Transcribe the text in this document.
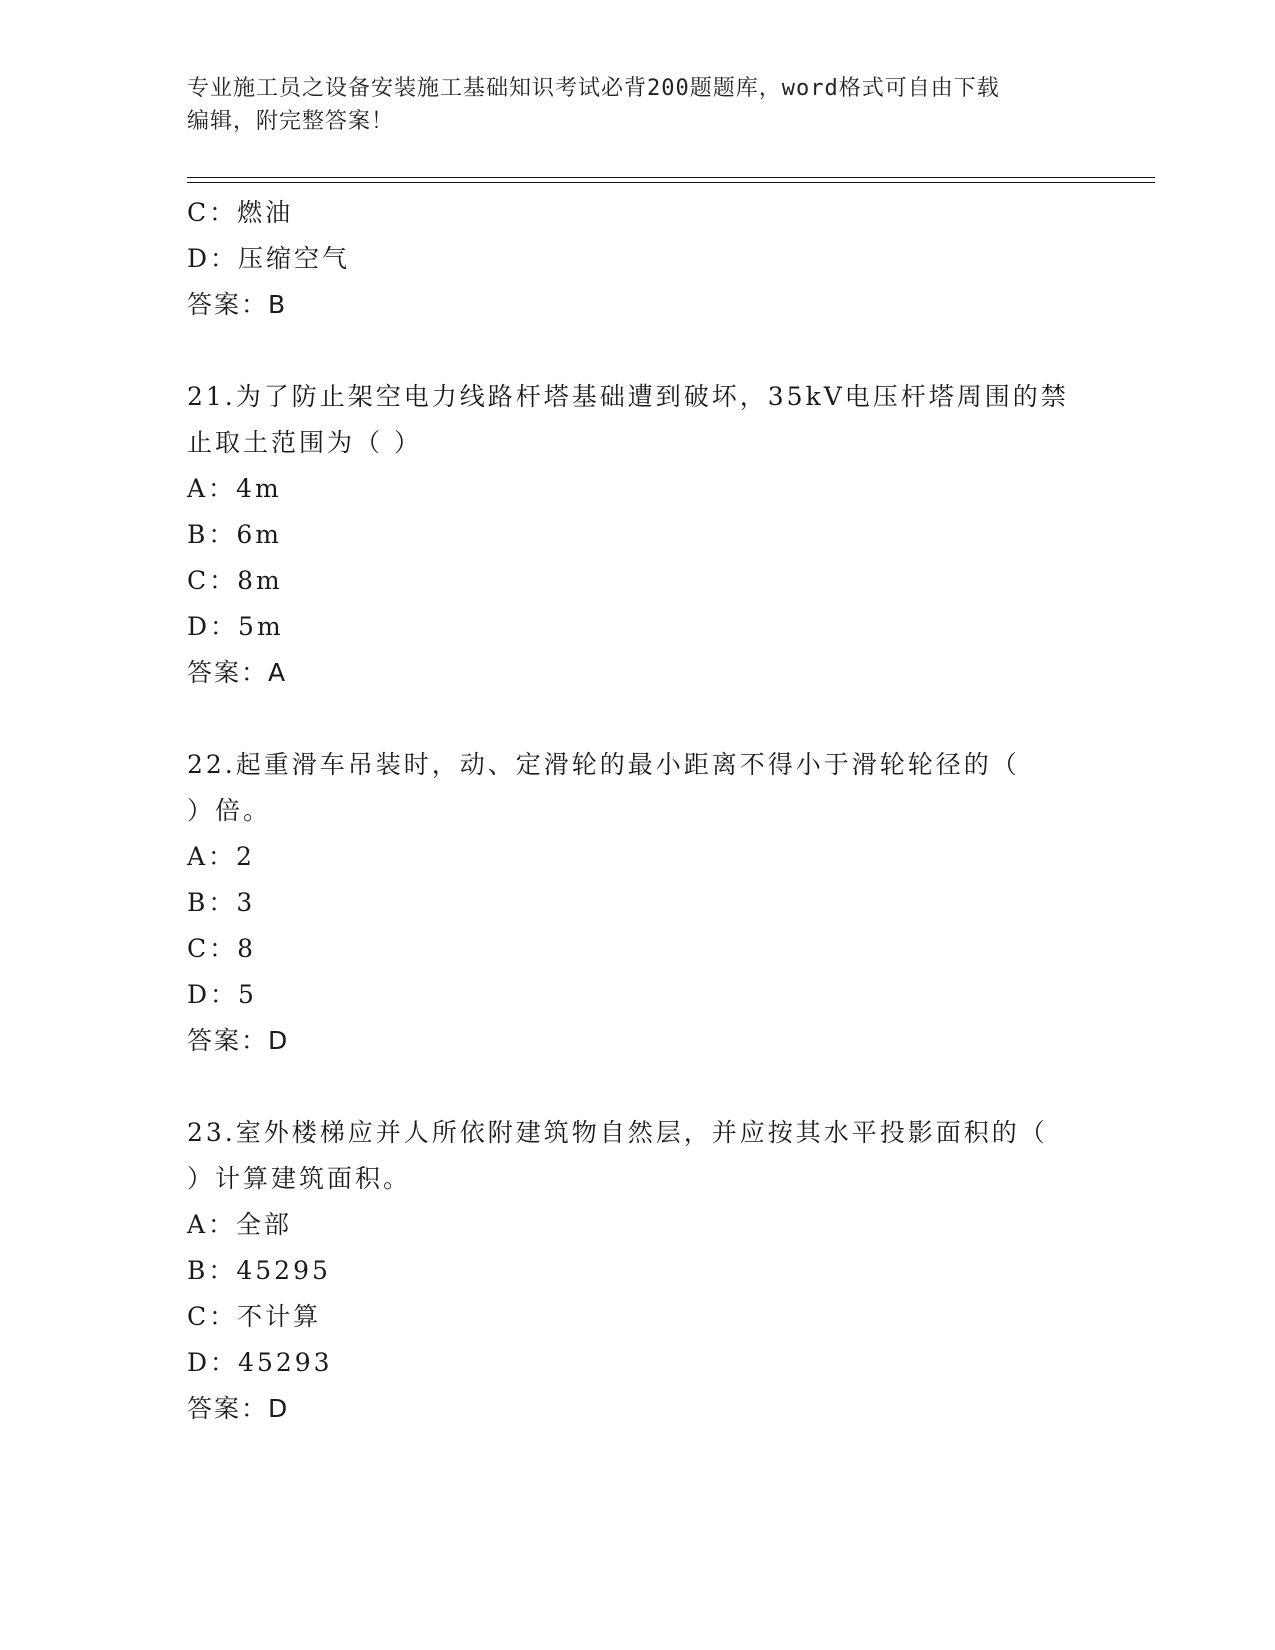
专业施工员之设备安装施工基础知识考试必背200题题库，word格式可自由下载
编辑，附完整答案！
C：燃油
D：压缩空气
答案：B
21.为了防止架空电力线路杆塔基础遭到破坏，35kV电压杆塔周围的禁
止取土范围为（ ）
A：4m
B：6m
C：8m
D：5m
答案：A
22.起重滑车吊装时，动、定滑轮的最小距离不得小于滑轮轮径的（
）倍。
A：2
B：3
C：8
D：5
答案：D
23.室外楼梯应并人所依附建筑物自然层，并应按其水平投影面积的（
）计算建筑面积。
A：全部
B：45295
C：不计算
D：45293
答案：D
